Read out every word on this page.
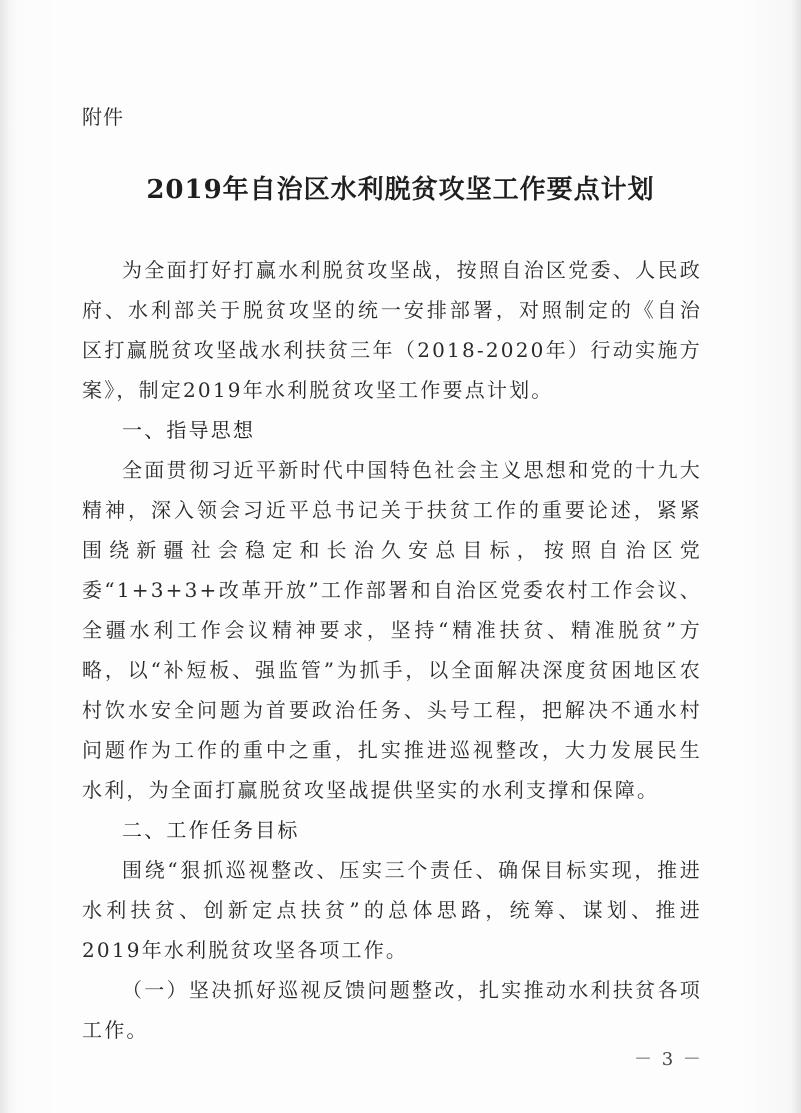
附件
2019年自治区水利脱贫攻坚工作要点计划

为全面打好打赢水利脱贫攻坚战，按照自治区党委、人民政府、水利部关于脱贫攻坚的统一安排部署，对照制定的《自治区打赢脱贫攻坚战水利扶贫三年（2018-2020年）行动实施方案》，制定2019年水利脱贫攻坚工作要点计划。

一、指导思想

全面贯彻习近平新时代中国特色社会主义思想和党的十九大精神，深入领会习近平总书记关于扶贫工作的重要论述，紧紧围绕新疆社会稳定和长治久安总目标，按照自治区党委“1+3+3+改革开放”工作部署和自治区党委农村工作会议、全疆水利工作会议精神要求，坚持“精准扶贫、精准脱贫”方略，以“补短板、强监管”为抓手，以全面解决深度贫困地区农村饮水安全问题为首要政治任务、头号工程，把解决不通水村问题作为工作的重中之重，扎实推进巡视整改，大力发展民生水利，为全面打赢脱贫攻坚战提供坚实的水利支撑和保障。

二、工作任务目标

围绕“狠抓巡视整改、压实三个责任、确保目标实现，推进水利扶贫、创新定点扶贫”的总体思路，统筹、谋划、推进2019年水利脱贫攻坚各项工作。

（一）坚决抓好巡视反馈问题整改，扎实推动水利扶贫各项工作。

－ 3 －
